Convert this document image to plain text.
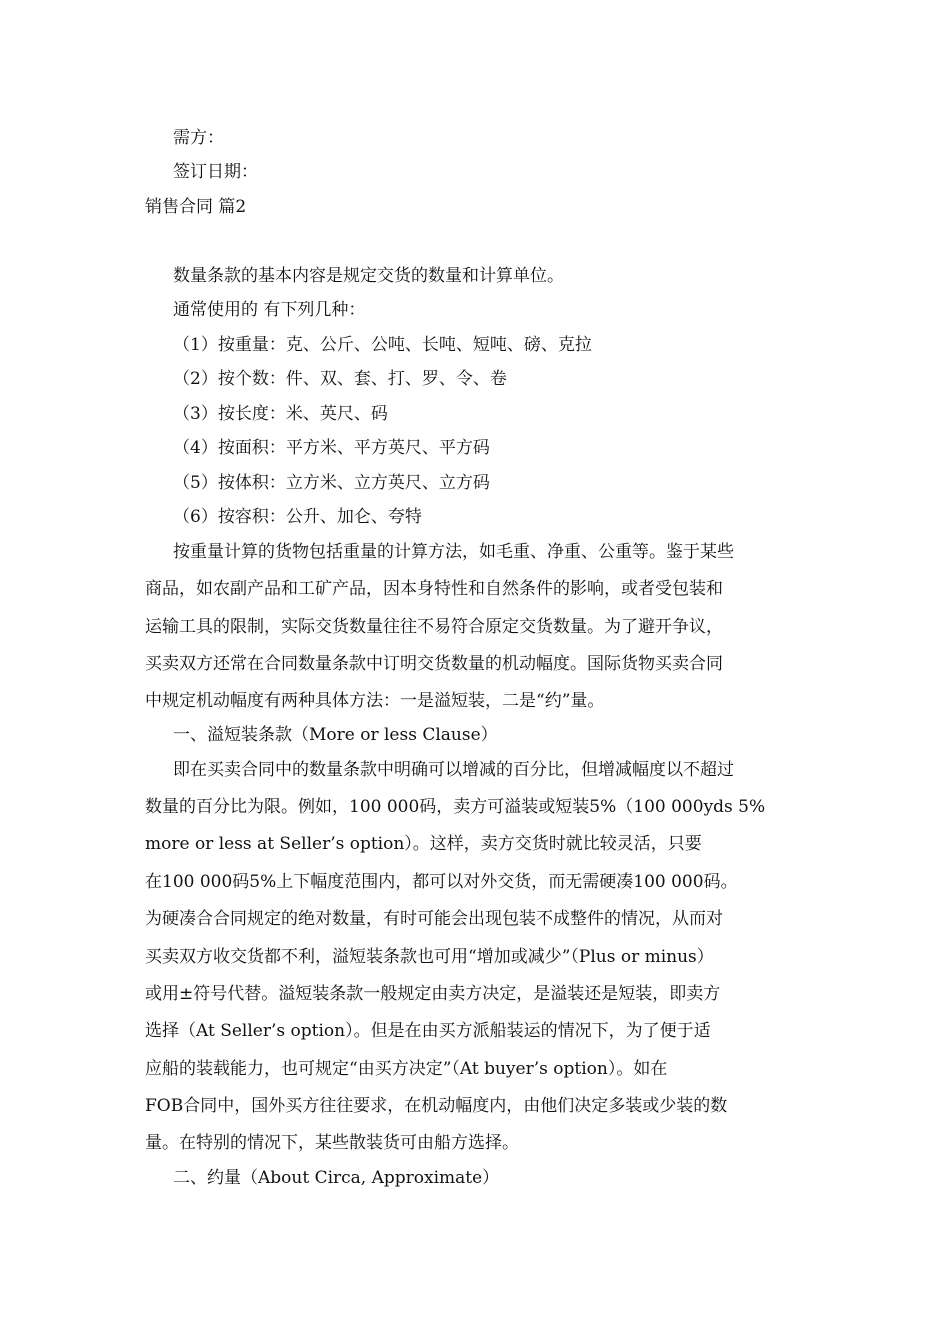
需方：
签订日期：
销售合同 篇2
数量条款的基本内容是规定交货的数量和计算单位。
通常使用的 有下列几种：
（1）按重量：克、公斤、公吨、长吨、短吨、磅、克拉
（2）按个数：件、双、套、打、罗、令、卷
（3）按长度：米、英尺、码
（4）按面积：平方米、平方英尺、平方码
（5）按体积：立方米、立方英尺、立方码
（6）按容积：公升、加仑、夸特
按重量计算的货物包括重量的计算方法，如毛重、净重、公重等。鉴于某些
商品，如农副产品和工矿产品，因本身特性和自然条件的影响，或者受包装和
运输工具的限制，实际交货数量往往不易符合原定交货数量。为了避开争议，
买卖双方还常在合同数量条款中订明交货数量的机动幅度。国际货物买卖合同
中规定机动幅度有两种具体方法：一是溢短装，二是“约”量。
一、溢短装条款（More or less Clause）
即在买卖合同中的数量条款中明确可以增减的百分比，但增减幅度以不超过
数量的百分比为限。例如，100 000码，卖方可溢装或短装5%（100 000yds 5%
more or less at Seller’s option）。这样，卖方交货时就比较灵活，只要
在100 000码5%上下幅度范围内，都可以对外交货，而无需硬凑100 000码。
为硬凑合合同规定的绝对数量，有时可能会出现包装不成整件的情况，从而对
买卖双方收交货都不利，溢短装条款也可用“增加或减少”（Plus or minus）
或用±符号代替。溢短装条款一般规定由卖方决定，是溢装还是短装，即卖方
选择（At Seller’s option）。但是在由买方派船装运的情况下，为了便于适
应船的装载能力，也可规定“由买方决定”（At buyer’s option）。如在
FOB合同中，国外买方往往要求，在机动幅度内，由他们决定多装或少装的数
量。在特别的情况下，某些散装货可由船方选择。
二、约量（About Circa, Approximate）
